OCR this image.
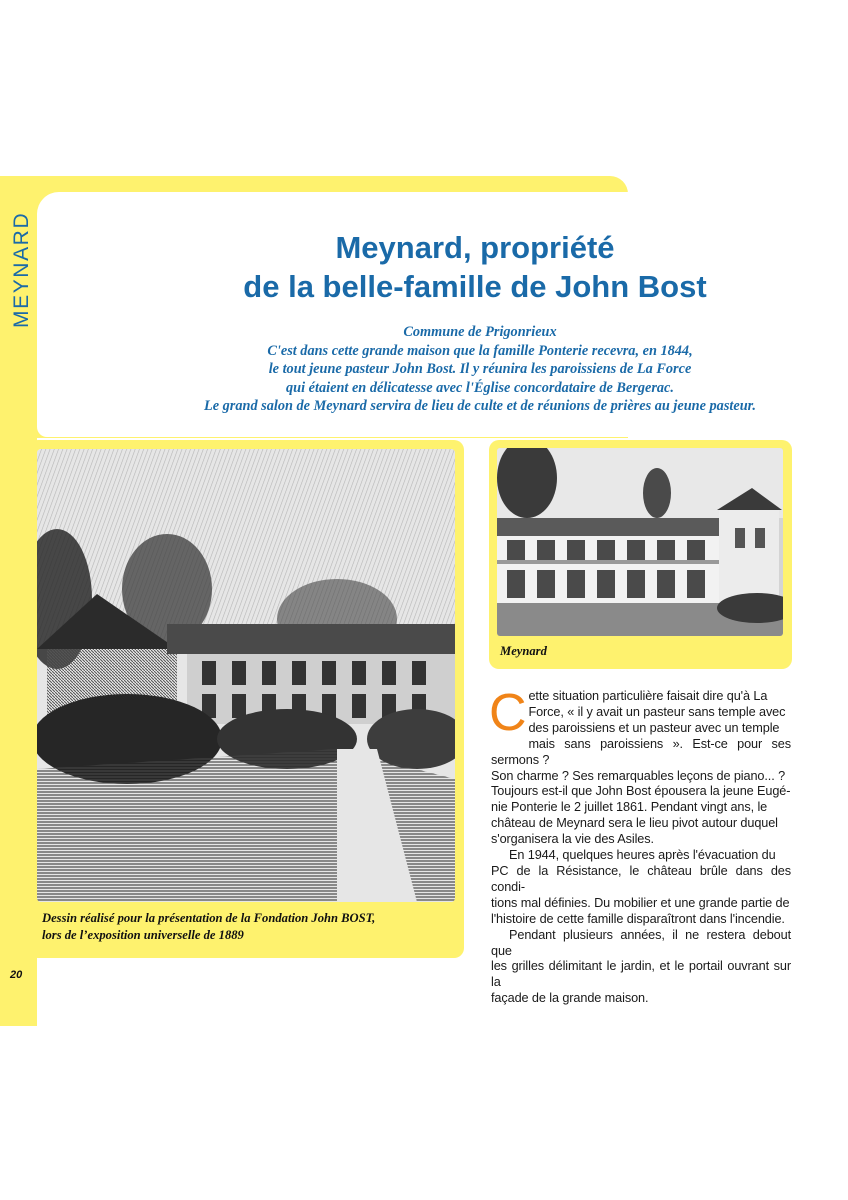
MEYNARD	Meynard, propriété
de la belle-famille de John Bost
Commune de Prigonrieux
C'est dans cette grande maison que la famille Ponterie recevra, en 1844,
le tout jeune pasteur John Bost. Il y réunira les paroissiens de La Force
qui étaient en délicatesse avec l'Église concordataire de Bergerac.
Le grand salon de Meynard servira de lieu de culte et de réunions de prières au jeune pasteur.
Dessin réalisé pour la présentation de la Fondation John BOST,
lors de l’exposition universelle de 1889

Meynard

C ette situation particulière faisait dire qu'à La
Force, « il y avait un pasteur sans temple avec
des paroissiens et un pasteur avec un temple
mais sans paroissiens ». Est-ce pour ses sermons ?
Son charme ? Ses remarquables leçons de piano... ?
Toujours est-il que John Bost épousera la jeune Eugé-
nie Ponterie le 2 juillet 1861. Pendant vingt ans, le
château de Meynard sera le lieu pivot autour duquel
s'organisera la vie des Asiles.

En 1944, quelques heures après l'évacuation du
PC de la Résistance, le château brûle dans des condi-
tions mal définies. Du mobilier et une grande partie de
l'histoire de cette famille disparaîtront dans l'incendie.

Pendant plusieurs années, il ne restera debout que
les grilles délimitant le jardin, et le portail ouvrant sur la
façade de la grande maison.

20
